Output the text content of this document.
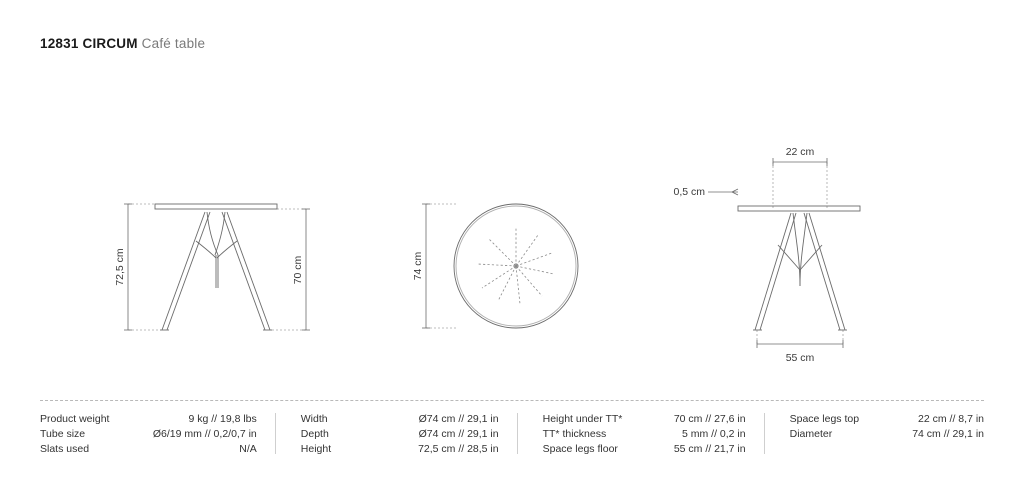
12831 CIRCUM Café table
72,5 cm	70 cm	74 cm
22 cm
0,5 cm
55 cm
Product weight	9 kg // 19,8 lbs
Tube size	Ø6/19 mm // 0,2/0,7 in
Slats used	N/A
Width	Ø74 cm // 29,1 in
Depth	Ø74 cm // 29,1 in
Height	72,5 cm // 28,5 in
Height under TT*	70 cm // 27,6 in
TT* thickness	5 mm // 0,2 in
Space legs floor	55 cm // 21,7 in
Space legs top	22 cm // 8,7 in
Diameter	74 cm // 29,1 in
